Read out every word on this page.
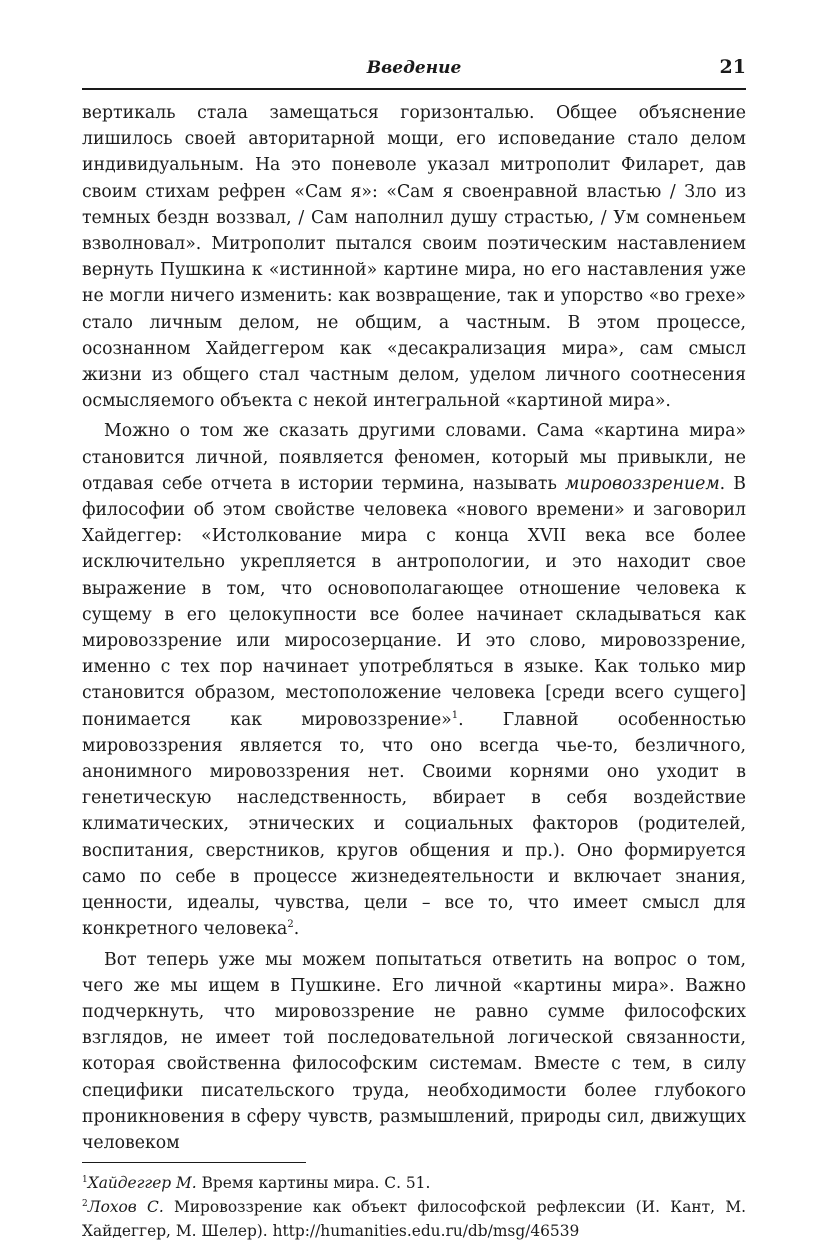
Введение	21

вертикаль стала замещаться горизонталью. Общее объяснение лишилось своей авторитарной мощи, его исповедание стало делом индивидуальным. На это поневоле указал митрополит Филарет, дав своим стихам рефрен «Сам я»: «Сам я своенравной властью / Зло из темных бездн воззвал, / Сам наполнил душу страстью, / Ум сомненьем взволновал». Митрополит пытался своим поэтическим наставлением вернуть Пушкина к «истинной» картине мира, но его наставления уже не могли ничего изменить: как возвращение, так и упорство «во грехе» стало личным делом, не общим, а частным. В этом процессе, осознанном Хайдеггером как «десакрализация мира», сам смысл жизни из общего стал частным делом, уделом личного соотнесения осмысляемого объекта с некой интегральной «картиной мира».

Можно о том же сказать другими словами. Сама «картина мира» становится личной, появляется феномен, который мы привыкли, не отдавая себе отчета в истории термина, называть мировоззрением. В философии об этом свойстве человека «нового времени» и заговорил Хайдеггер: «Истолкование мира с конца XVII века все более исключительно укрепляется в антропологии, и это находит свое выражение в том, что основополагающее отношение человека к сущему в его целокупности все более начинает складываться как мировоззрение или миросозерцание. И это слово, мировоззрение, именно с тех пор начинает употребляться в языке. Как только мир становится образом, местоположение человека [среди всего сущего] понимается как мировоззрение»$^1$. Главной особенностью мировоззрения является то, что оно всегда чье-то, безличного, анонимного мировоззрения нет. Своими корнями оно уходит в генетическую наследственность, вбирает в себя воздействие климатических, этнических и социальных факторов (родителей, воспитания, сверстников, кругов общения и пр.). Оно формируется само по себе в процессе жизнедеятельности и включает знания, ценности, идеалы, чувства, цели – все то, что имеет смысл для конкретного человека$^2$.

Вот теперь уже мы можем попытаться ответить на вопрос о том, чего же мы ищем в Пушкине. Его личной «картины мира». Важно подчеркнуть, что мировоззрение не равно сумме философских взглядов, не имеет той последовательной логической связанности, которая свойственна философским системам. Вместе с тем, в силу специфики писательского труда, необходимости более глубокого проникновения в сферу чувств, размышлений, природы сил, движущих человеком

$^1$Хайдеггер М. Время картины мира. С. 51.

$^2$Лохов С. Мировоззрение как объект философской рефлексии (И. Кант, М. Хайдеггер, М. Шелер). http://humanities.edu.ru/db/msg/46539
